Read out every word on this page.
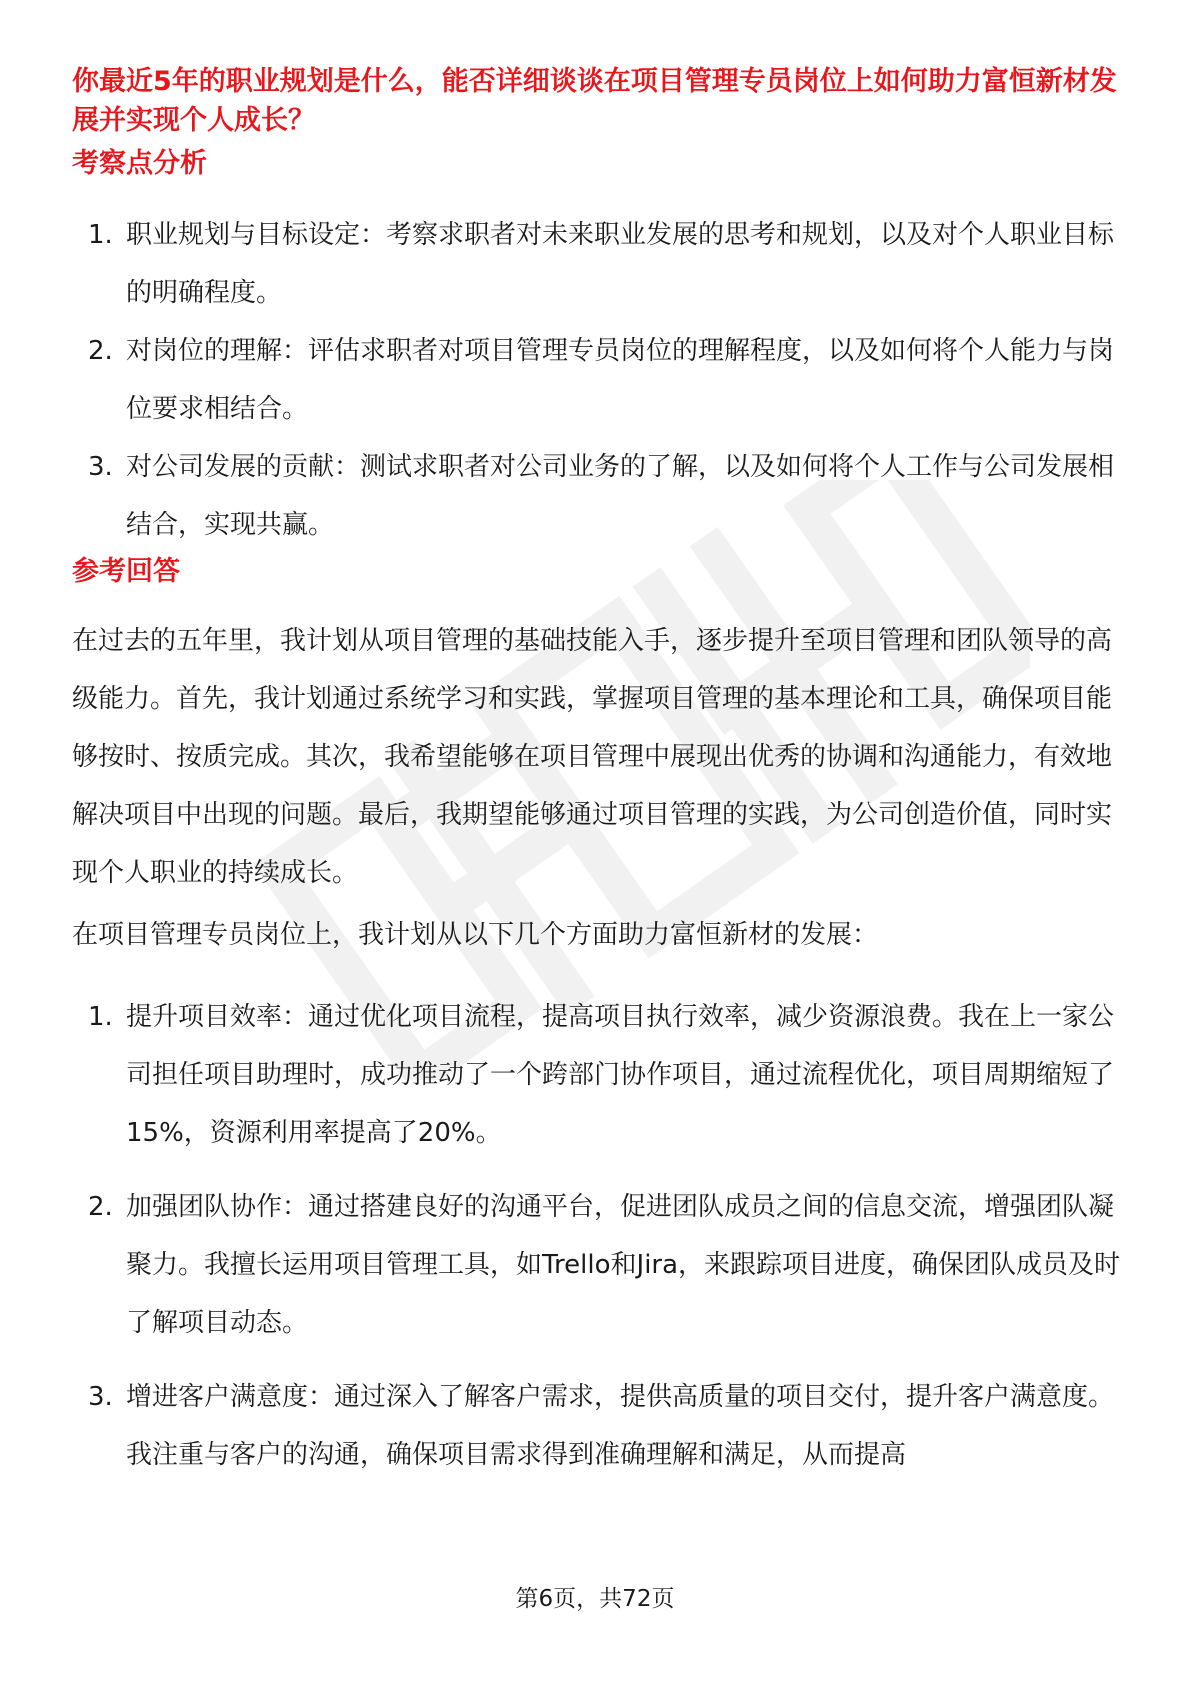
你最近5年的职业规划是什么，能否详细谈谈在项目管理专员岗位上如何助力富恒新材发展并实现个人成长？
考察点分析
1. 职业规划与目标设定：考察求职者对未来职业发展的思考和规划，以及对个人职业目标的明确程度。
2. 对岗位的理解：评估求职者对项目管理专员岗位的理解程度，以及如何将个人能力与岗位要求相结合。
3. 对公司发展的贡献：测试求职者对公司业务的了解，以及如何将个人工作与公司发展相结合，实现共赢。
参考回答

在过去的五年里，我计划从项目管理的基础技能入手，逐步提升至项目管理和团队领导的高级能力。首先，我计划通过系统学习和实践，掌握项目管理的基本理论和工具，确保项目能够按时、按质完成。其次，我希望能够在项目管理中展现出优秀的协调和沟通能力，有效地解决项目中出现的问题。最后，我期望能够通过项目管理的实践，为公司创造价值，同时实现个人职业的持续成长。

在项目管理专员岗位上，我计划从以下几个方面助力富恒新材的发展：

1. 提升项目效率：通过优化项目流程，提高项目执行效率，减少资源浪费。我在上一家公司担任项目助理时，成功推动了一个跨部门协作项目，通过流程优化，项目周期缩短了15%，资源利用率提高了20%。
2. 加强团队协作：通过搭建良好的沟通平台，促进团队成员之间的信息交流，增强团队凝聚力。我擅长运用项目管理工具，如Trello和Jira，来跟踪项目进度，确保团队成员及时了解项目动态。
3. 增进客户满意度：通过深入了解客户需求，提供高质量的项目交付，提升客户满意度。我注重与客户的沟通，确保项目需求得到准确理解和满足，从而提高
第6页，共72页
